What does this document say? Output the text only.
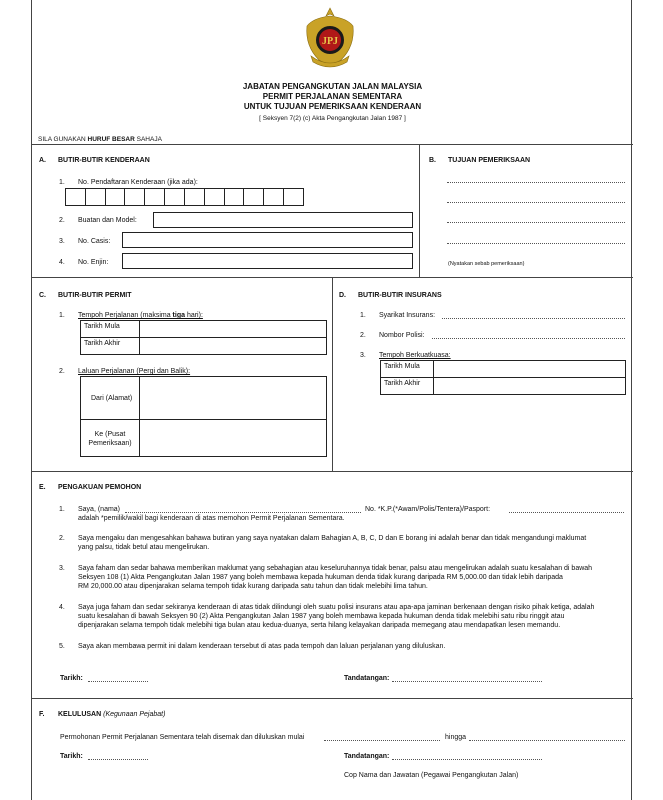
JPJ
JABATAN PENGANGKUTAN JALAN MALAYSIA
PERMIT PERJALANAN SEMENTARA
UNTUK TUJUAN PEMERIKSAAN KENDERAAN
[ Seksyen 7(2) (c) Akta Pengangkutan Jalan 1987 ]
SILA GUNAKAN HURUF BESAR SAHAJA
A. BUTIR-BUTIR KENDERAAN
1. No. Pendaftaran Kenderaan (jika ada):
2. Buatan dan Model:
3. No. Casis:
4. No. Enjin:
B. TUJUAN PEMERIKSAAN
(Nyatakan sebab pemeriksaan)
C. BUTIR-BUTIR PERMIT
1. Tempoh Perjalanan (maksima tiga hari):
Tarikh Mula
Tarikh Akhir
2. Laluan Perjalanan (Pergi dan Balik):
Dari (Alamat)
Ke (Pusat
Pemeriksaan)
D. BUTIR-BUTIR INSURANS
1. Syarikat Insurans:
2. Nombor Polisi:
3. Tempoh Berkuatkuasa:
Tarikh Mula
Tarikh Akhir
E. PENGAKUAN PEMOHON
1. Saya, (nama)	No. *K.P.(*Awam/Polis/Tentera)/Pasport:
adalah *pemilik/wakil bagi kenderaan di atas memohon Permit Perjalanan Sementara.
2. Saya mengaku dan mengesahkan bahawa butiran yang saya nyatakan dalam Bahagian A, B, C, D dan E borang ini adalah benar dan tidak mengandungi maklumat
yang palsu, tidak betul atau mengelirukan.
3. Saya faham dan sedar bahawa memberikan maklumat yang sebahagian atau keseluruhannya tidak benar, palsu atau mengelirukan adalah suatu kesalahan di bawah
Seksyen 108 (1) Akta Pengangkutan Jalan 1987 yang boleh membawa kepada hukuman denda tidak kurang daripada RM 5,000.00 dan tidak lebih daripada
RM 20,000.00 atau dipenjarakan selama tempoh tidak kurang daripada satu tahun dan tidak melebihi lima tahun.
4. Saya juga faham dan sedar sekiranya kenderaan di atas tidak dilindungi oleh suatu polisi insurans atau apa-apa jaminan berkenaan dengan risiko pihak ketiga, adalah
suatu kesalahan di bawah Seksyen 90 (2) Akta Pengangkutan Jalan 1987 yang boleh membawa kepada hukuman denda tidak melebihi satu ribu ringgit atau
dipenjarakan selama tempoh tidak melebihi tiga bulan atau kedua-duanya, serta hilang kelayakan daripada memegang atau mendapatkan lesen memandu.
5. Saya akan membawa permit ini dalam kenderaan tersebut di atas pada tempoh dan laluan perjalanan yang diluluskan.
Tarikh:	Tandatangan:
F. KELULUSAN (Kegunaan Pejabat)
Permohonan Permit Perjalanan Sementara telah disemak dan diluluskan mulai	hingga
Tarikh:	Tandatangan:
Cop Nama dan Jawatan (Pegawai Pengangkutan Jalan)
